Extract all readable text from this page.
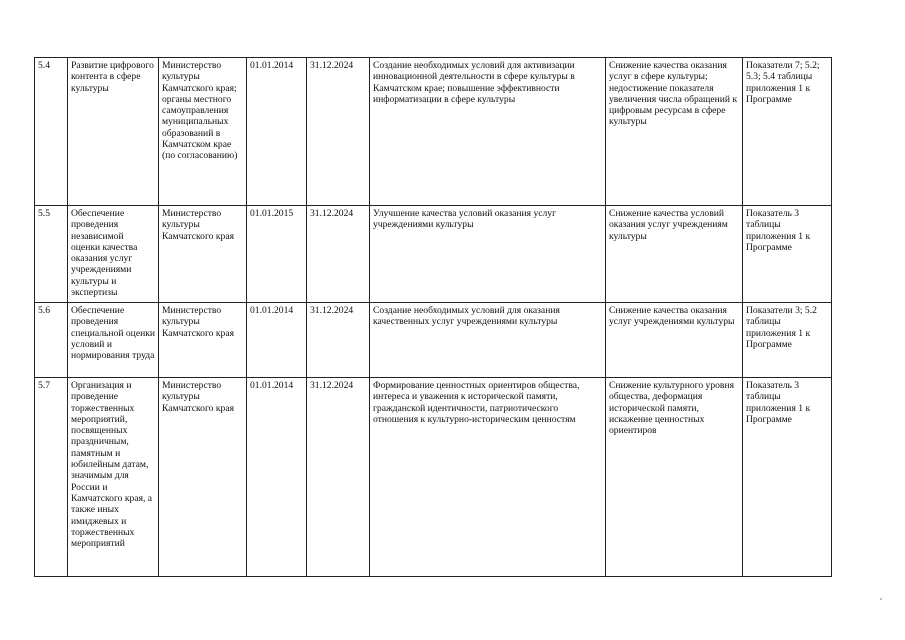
5.4	Развитие цифрового контента в сфере культуры	Министерство культуры Камчатского края; органы местного самоуправления муниципальных образований в Камчатском крае (по согласованию)	01.01.2014	31.12.2024	Создание необходимых условий для активизации инновационной деятельности в сфере культуры в Камчатском крае; повышение эффективности информатизации в сфере культуры	Снижение качества оказания услуг в сфере культуры; недостижение показателя увеличения числа обращений к цифровым ресурсам в сфере культуры	Показатели 7; 5.2; 5.3; 5.4 таблицы приложения 1 к Программе
5.5	Обеспечение проведения независимой оценки качества оказания услуг учреждениями культуры и экспертизы	Министерство культуры Камчатского края	01.01.2015	31.12.2024	Улучшение качества условий оказания услуг учреждениями культуры	Снижение качества условий оказания услуг учреждениям культуры	Показатель 3 таблицы приложения 1 к Программе
5.6	Обеспечение проведения специальной оценки условий и нормирования труда	Министерство культуры Камчатского края	01.01.2014	31.12.2024	Создание необходимых условий для оказания качественных услуг учреждениями культуры	Снижение качества оказания услуг учреждениями культуры	Показатели 3; 5.2 таблицы приложения 1 к Программе
5.7	Организация и проведение торжественных мероприятий, посвященных праздничным, памятным и юбилейным датам, значимым для России и Камчатского края, а также иных имиджевых и торжественных мероприятий	Министерство культуры Камчатского края	01.01.2014	31.12.2024	Формирование ценностных ориентиров общества, интереса и уважения к исторической памяти, гражданской идентичности, патриотического отношения к культурно-историческим ценностям	Снижение культурного уровня общества, деформация исторической памяти, искажение ценностных ориентиров	Показатель 3 таблицы приложения 1 к Программе
